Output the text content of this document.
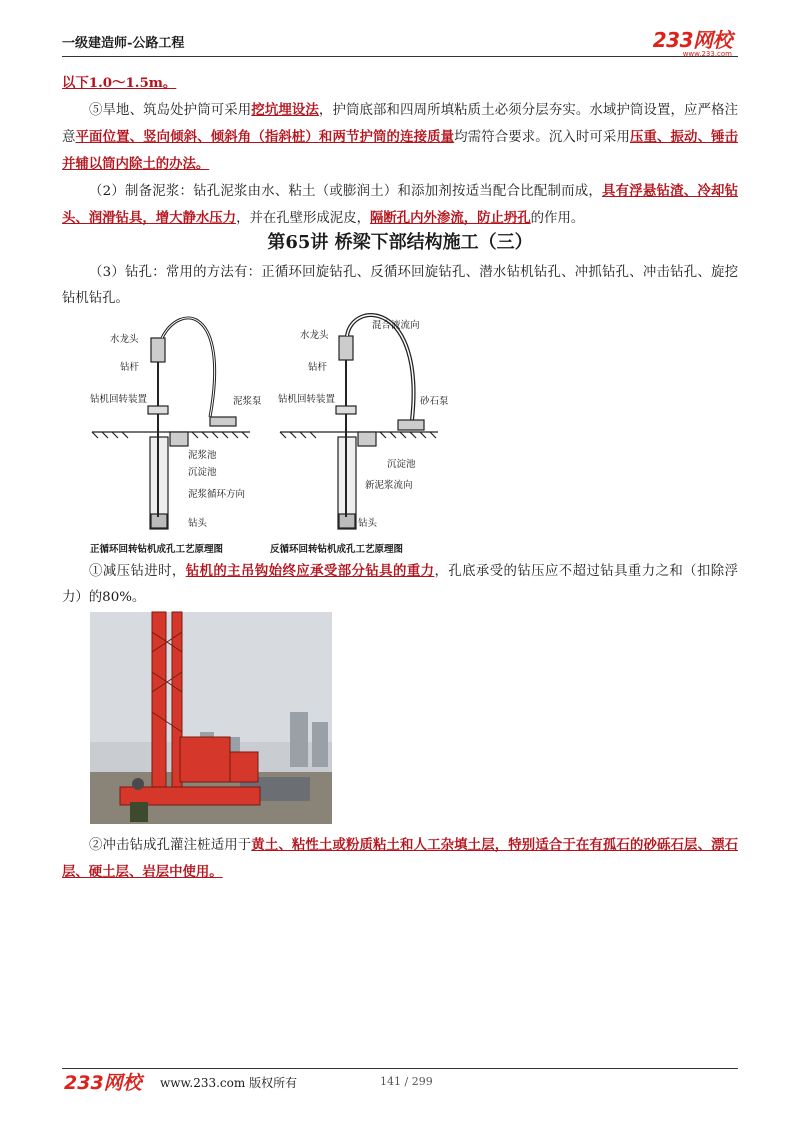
一级建造师-公路工程	233网校
www.233.com

以下1.0～1.5m。

⑤旱地、筑岛处护筒可采用挖坑埋设法，护筒底部和四周所填粘质土必须分层夯实。水域护筒设置，应严格注意平面位置、竖向倾斜、倾斜角（指斜桩）和两节护筒的连接质量均需符合要求。沉入时可采用压重、振动、锤击并辅以筒内除土的办法。

（2）制备泥浆：钻孔泥浆由水、粘土（或膨润土）和添加剂按适当配合比配制而成，具有浮悬钻渣、冷却钻头、润滑钻具，增大静水压力，并在孔壁形成泥皮，隔断孔内外渗流，防止坍孔的作用。

第65讲 桥梁下部结构施工（三）

（3）钻孔：常用的方法有：正循环回旋钻孔、反循环回旋钻孔、潜水钻机钻孔、冲抓钻孔、冲击钻孔、旋挖钻机钻孔。

水龙头
钻杆
钻机回转装置	泥浆泵
泥浆池
沉淀池
泥浆循环方向
钻头
正循环回转钻机成孔工艺原理图
水龙头
混合液流向
钻杆
钻机回转装置	砂石泵
沉淀池
新泥浆流向
钻头
反循环回转钻机成孔工艺原理图

①减压钻进时，钻机的主吊钩始终应承受部分钻具的重力，孔底承受的钻压应不超过钻具重力之和（扣除浮力）的80%。

②冲击钻成孔灌注桩适用于黄土、粘性土或粉质粘土和人工杂填土层，特别适合于在有孤石的砂砾石层、漂石层、硬土层、岩层中使用。

233网校 www.233.com 版权所有	141 / 299
